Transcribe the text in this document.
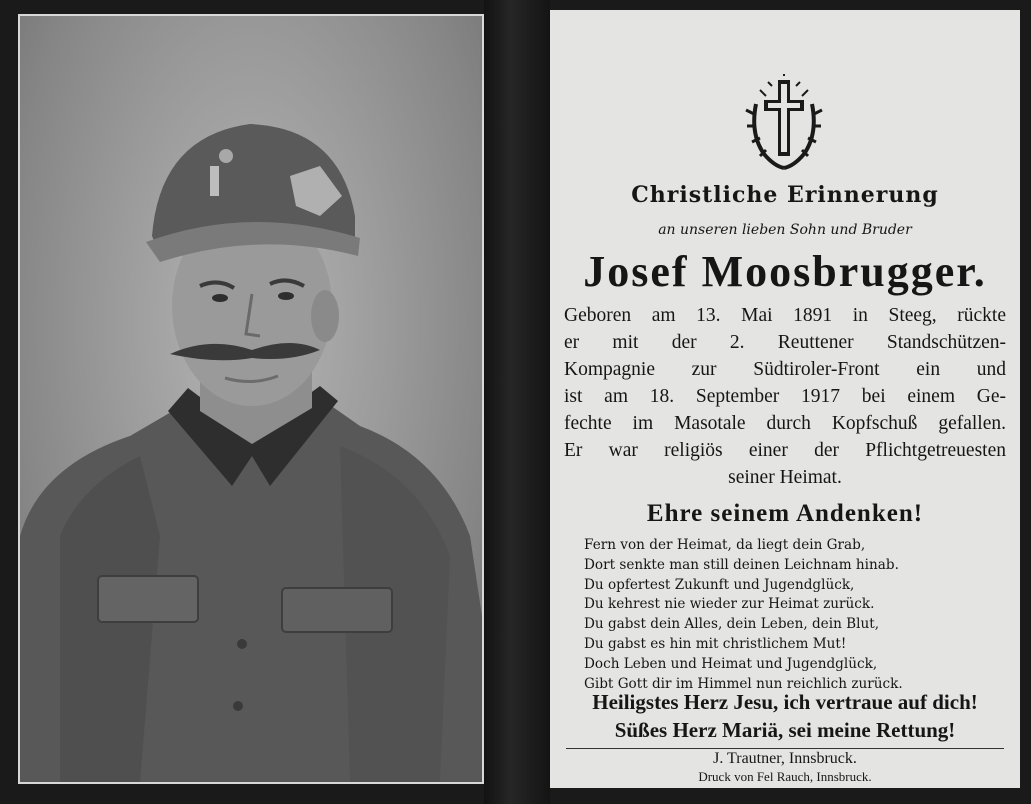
Christliche Erinnerung
an unseren lieben Sohn und Bruder
Josef Moosbrugger.
Geboren am 13. Mai 1891 in Steeg, rückte
er mit der 2. Reuttener Standschützen-
Kompagnie zur Südtiroler-Front ein und
ist am 18. September 1917 bei einem Ge-
fechte im Masotale durch Kopfschuß gefallen.
Er war religiös einer der Pflichtgetreuesten
seiner Heimat.
Ehre seinem Andenken!
Fern von der Heimat, da liegt dein Grab,
Dort senkte man still deinen Leichnam hinab.
Du opfertest Zukunft und Jugendglück,
Du kehrest nie wieder zur Heimat zurück.
Du gabst dein Alles, dein Leben, dein Blut,
Du gabst es hin mit christlichem Mut!
Doch Leben und Heimat und Jugendglück,
Gibt Gott dir im Himmel nun reichlich zurück.
Heiligstes Herz Jesu, ich vertraue auf dich!
Süßes Herz Mariä, sei meine Rettung!
J. Trautner, Innsbruck.
Druck von Fel Rauch, Innsbruck.
